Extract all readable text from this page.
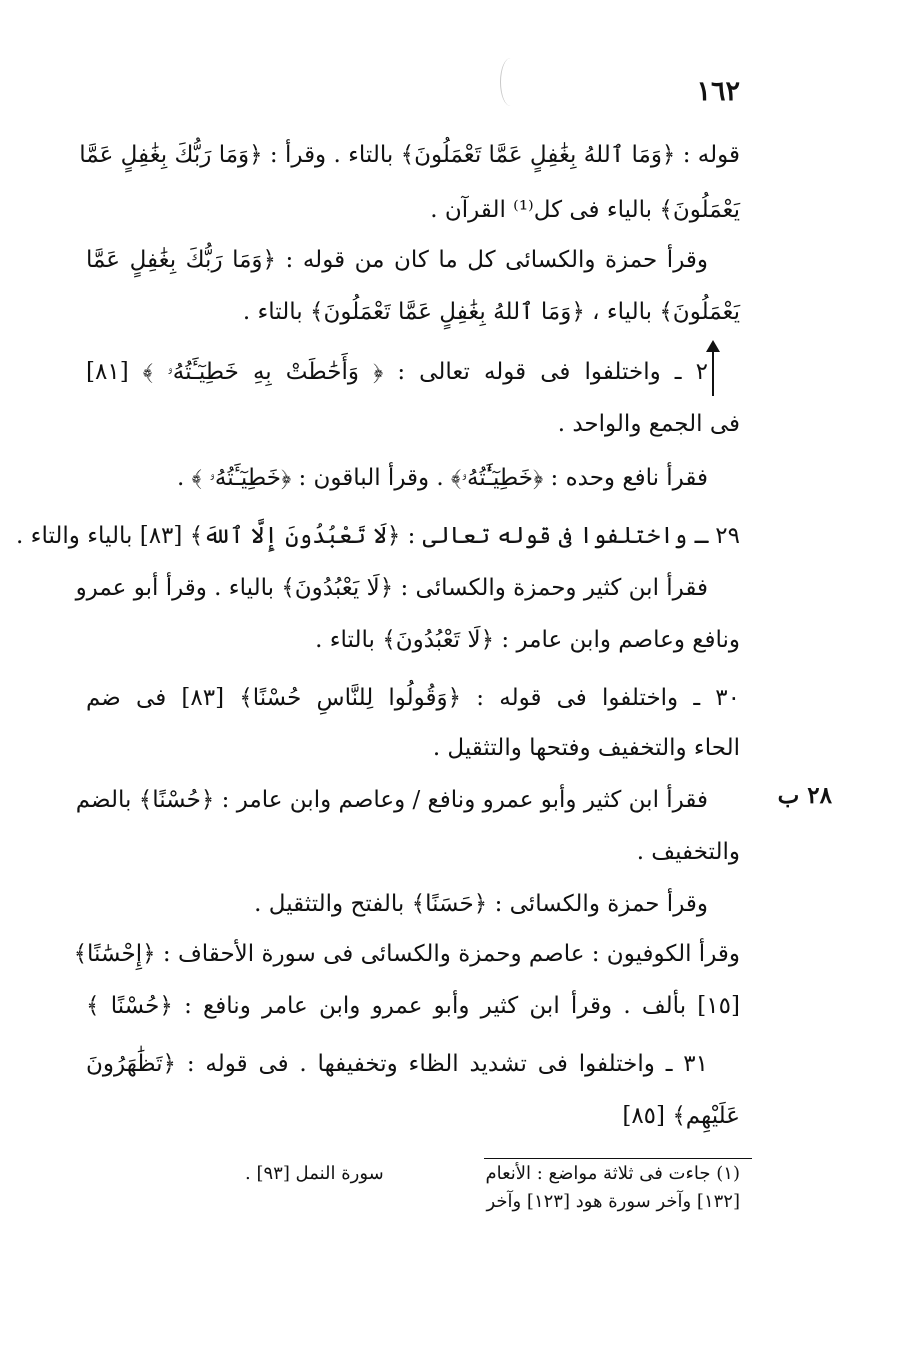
١٦٢
قوله : ﴿وَمَا ٱللهُ بِغَٰفِلٍ عَمَّا تَعْمَلُونَ﴾ بالتاء . وقرأ : ﴿وَمَا رَبُّكَ بِغَٰفِلٍ عَمَّا
يَعْمَلُونَ﴾ بالياء فى كل⁽¹⁾ القرآن .
وقرأ حمزة والكسائى كل ما كان من قوله : ﴿وَمَا رَبُّكَ بِغَٰفِلٍ عَمَّا
يَعْمَلُونَ﴾ بالياء ، ﴿وَمَا ٱللهُ بِغَٰفِلٍ عَمَّا تَعْمَلُونَ﴾ بالتاء .
٢ ـ واختلفوا فى قوله تعالى : ﴿ وَأَحَٰطَتْ بِهِ خَطِيٓـَٔتُهُۥ ﴾ [٨١]
فى الجمع والواحد .
فقرأ نافع وحده : ﴿خَطِيٓـَٰٔتُهُۥ﴾ . وقرأ الباقون : ﴿خَطِيٓـَٔتُهُۥ ﴾ .
٢٩ ـ واختلفوا فى قوله تعالى : ﴿لَا تَعْبُدُونَ إِلَّا ٱللهَ﴾ [٨٣] بالياء والتاء .
فقرأ ابن كثير وحمزة والكسائى : ﴿لَا يَعْبُدُونَ﴾ بالياء . وقرأ أبو عمرو
ونافع وعاصم وابن عامر : ﴿لَا تَعْبُدُونَ﴾ بالتاء .
٣٠ ـ واختلفوا فى قوله : ﴿وَقُولُوا لِلنَّاسِ حُسْنًا﴾ [٨٣] فى ضم
الحاء والتخفيف وفتحها والتثقيل .
٢٨ ب
فقرأ ابن كثير وأبو عمرو ونافع / وعاصم وابن عامر : ﴿حُسْنًا﴾ بالضم
والتخفيف .
وقرأ حمزة والكسائى : ﴿حَسَنًا﴾ بالفتح والتثقيل .
وقرأ الكوفيون : عاصم وحمزة والكسائى فى سورة الأحقاف : ﴿إِحْسَٰنًا﴾
[١٥] بألف . وقرأ ابن كثير وأبو عمرو وابن عامر ونافع : ﴿حُسْنًا ﴾
٣١ ـ واختلفوا فى تشديد الظاء وتخفيفها . فى قوله : ﴿تَظَٰهَرُونَ
عَلَيْهِم﴾ [٨٥]
(١) جاءت فى ثلاثة مواضع : الأنعام
سورة النمل [٩٣] .
[١٣٢] وآخر سورة هود [١٢٣] وآخر
